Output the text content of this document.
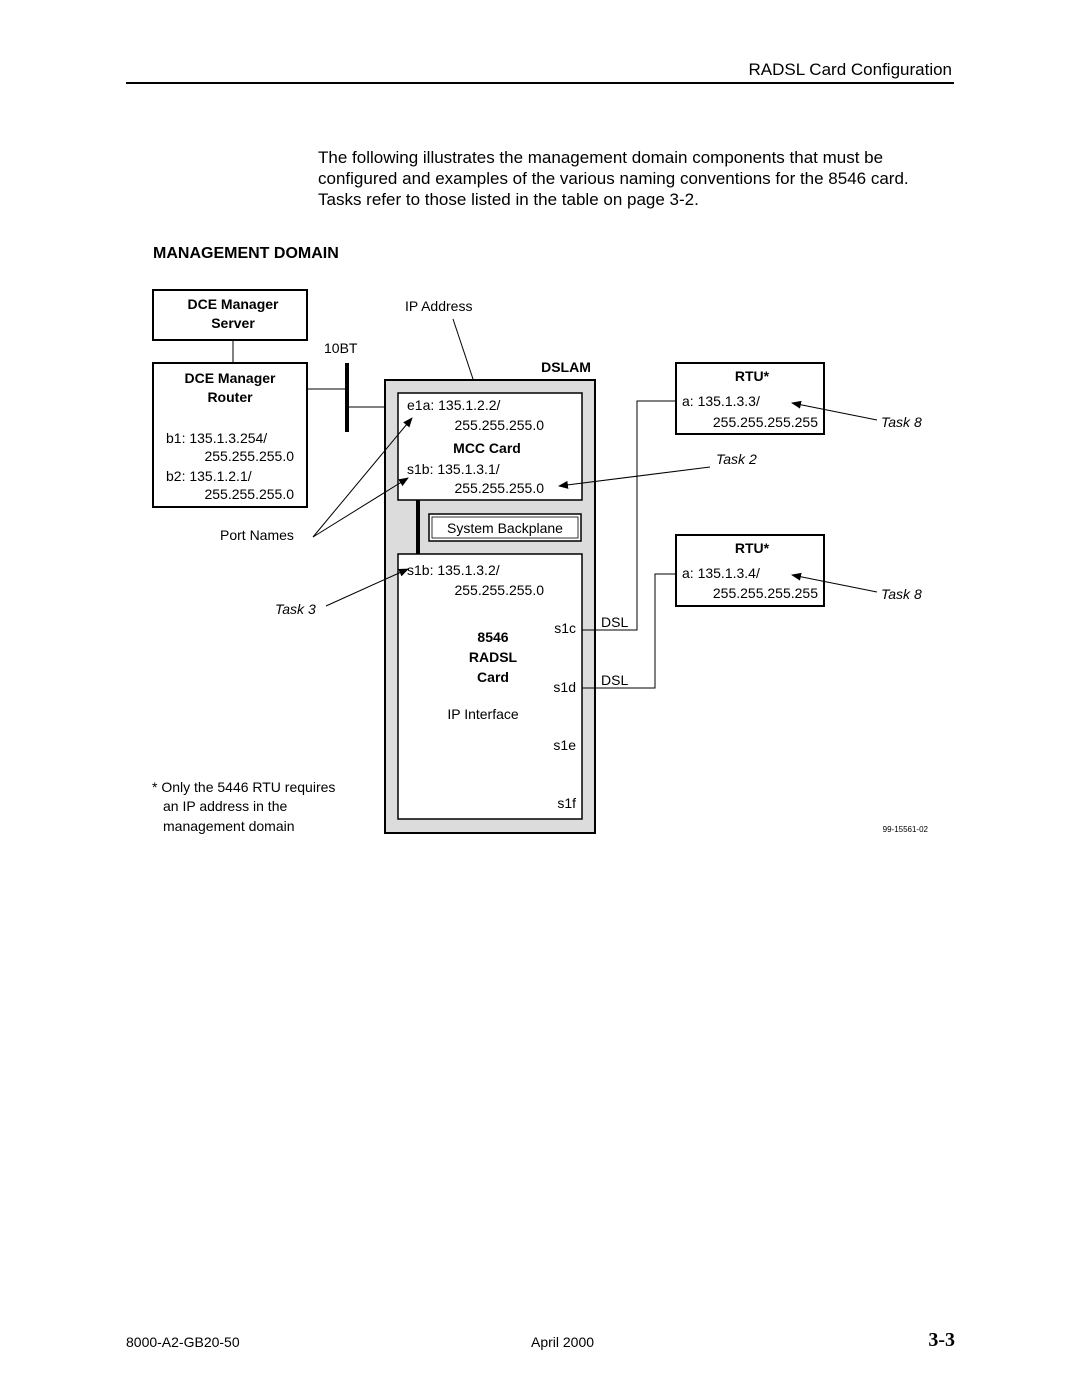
RADSL Card Configuration

The following illustrates the management domain components that must be

configured and examples of the various naming conventions for the 8546 card.

Tasks refer to those listed in the table on page 3-2.

MANAGEMENT DOMAIN
DCE Manager
Server
DCE Manager
Router
b1: 135.1.3.254/
255.255.255.0
b2: 135.1.2.1/
255.255.255.0
10BT
IP Address
DSLAM
e1a: 135.1.2.2/
255.255.255.0
MCC Card
s1b: 135.1.3.1/
255.255.255.0
System Backplane
s1b: 135.1.3.2/
255.255.255.0
8546
RADSL
Card
IP Interface
s1c
s1d
s1e
s1f
Port Names
Task 3
DSL
DSL
Task 2
RTU*
a: 135.1.3.3/
255.255.255.255	Task 8
RTU*
a: 135.1.3.4/
255.255.255.255	Task 8
* Only the 5446 RTU requires
an IP address in the
management domain	99-15561-02
8000-A2-GB20-50	April 2000	3-3
